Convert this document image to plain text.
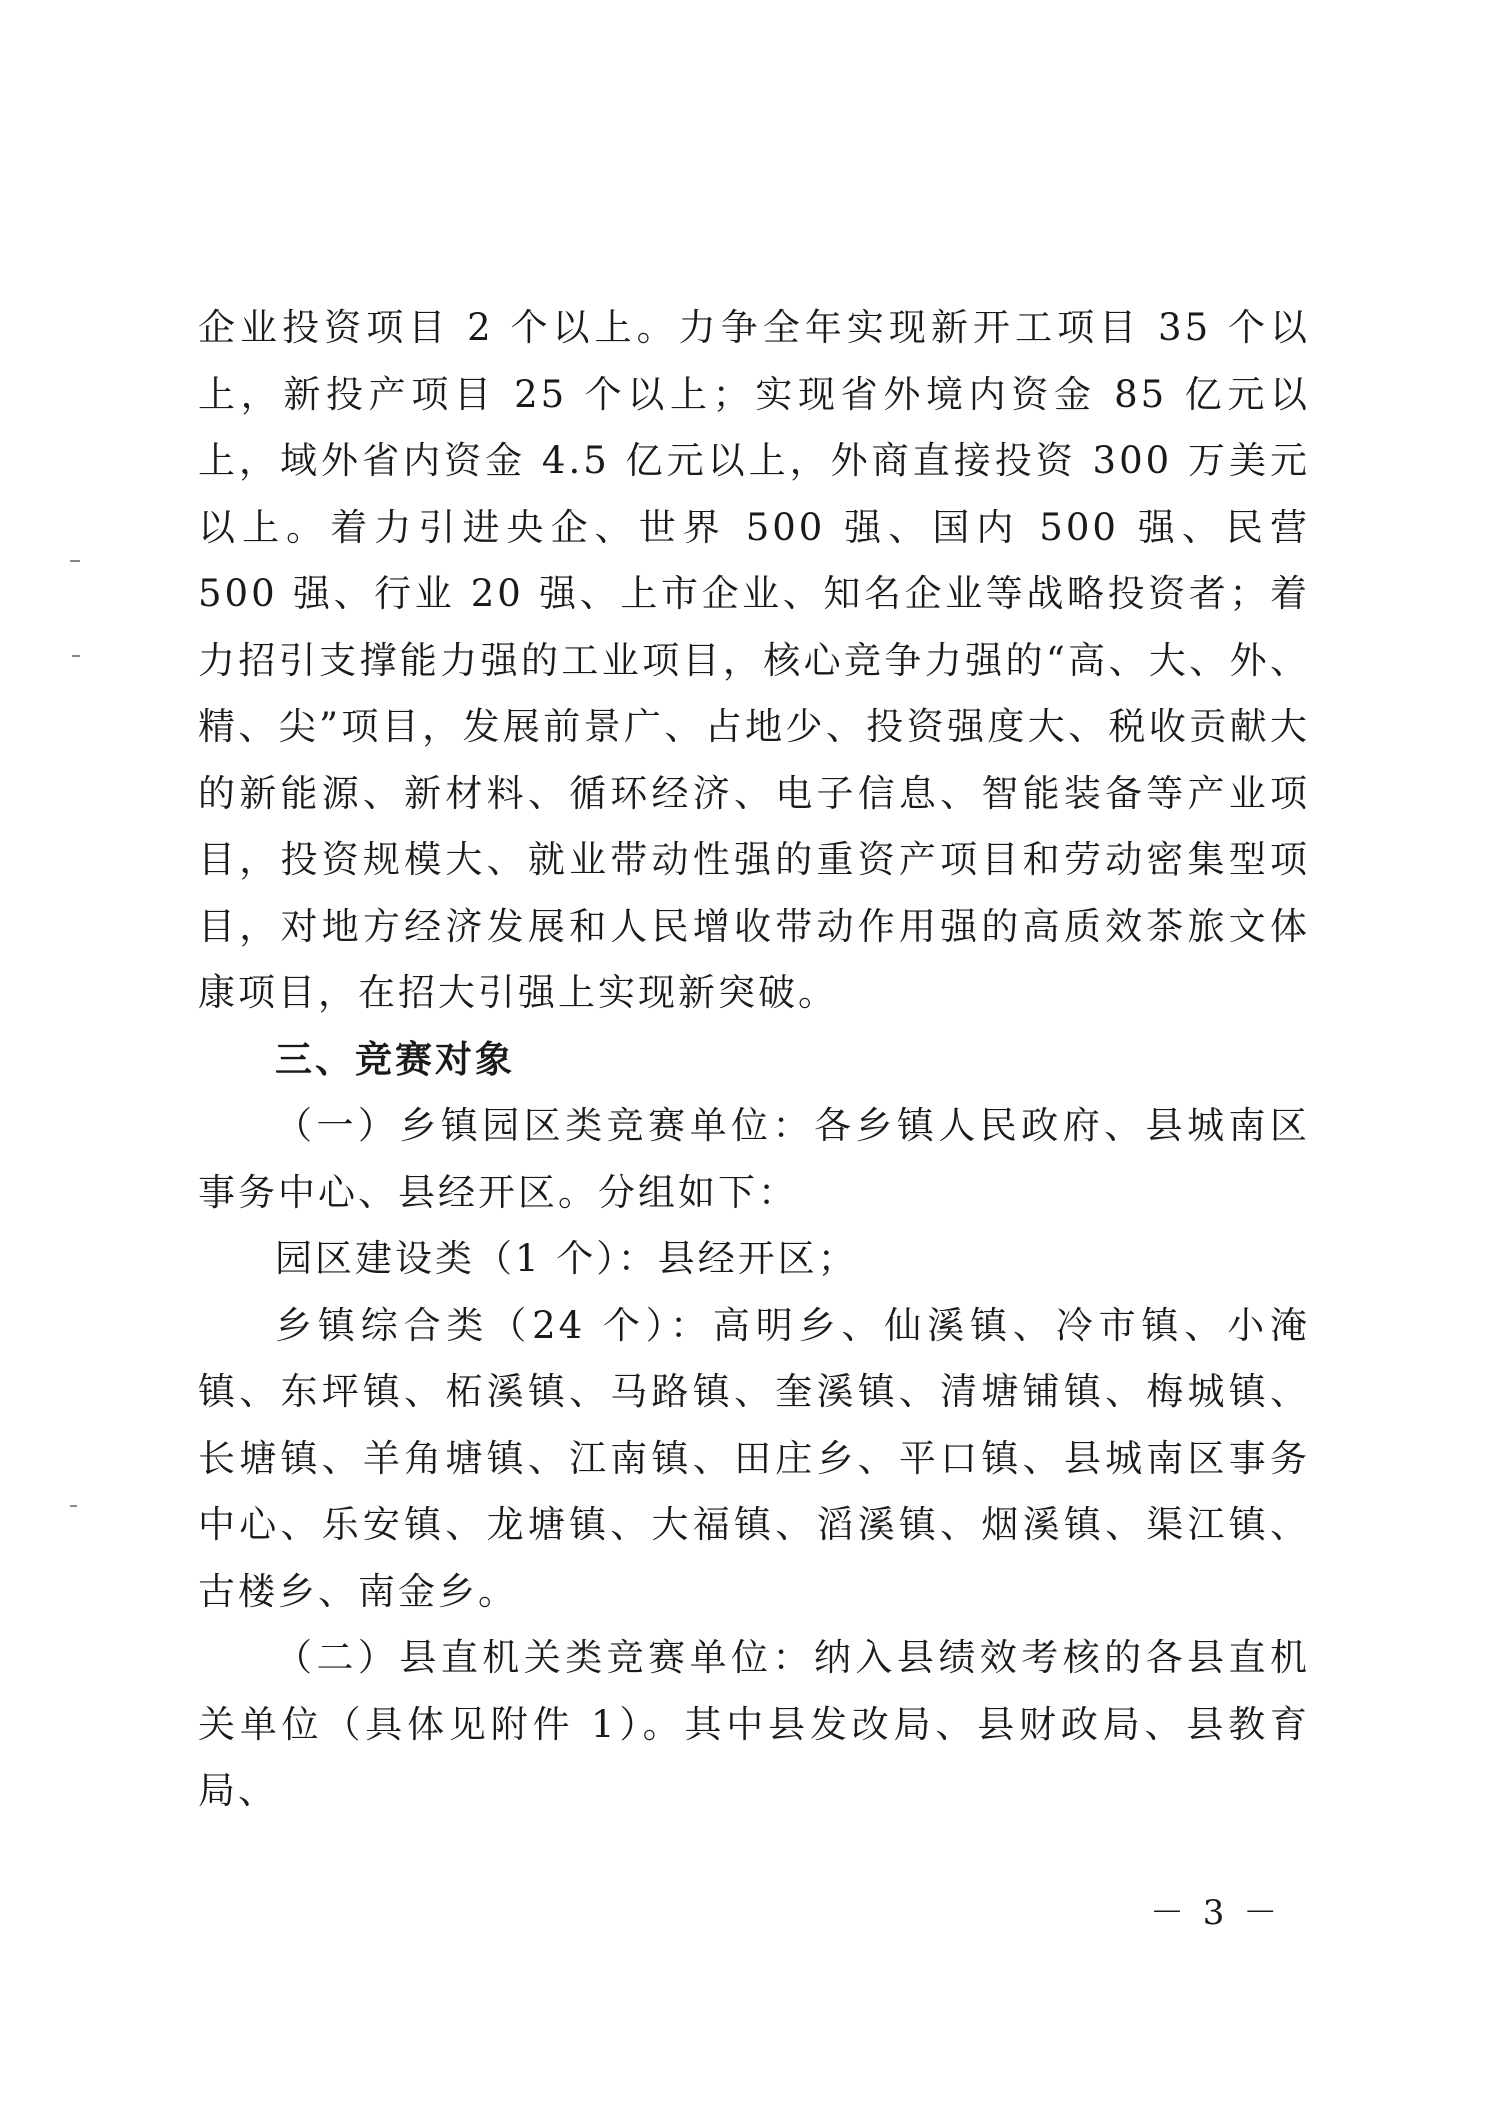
企业投资项目 2 个以上。力争全年实现新开工项目 35 个以上，新投产项目 25 个以上；实现省外境内资金 85 亿元以上，域外省内资金 4.5 亿元以上，外商直接投资 300 万美元以上。着力引进央企、世界 500 强、国内 500 强、民营 500 强、行业 20 强、上市企业、知名企业等战略投资者；着力招引支撑能力强的工业项目，核心竞争力强的“高、大、外、精、尖”项目，发展前景广、占地少、投资强度大、税收贡献大的新能源、新材料、循环经济、电子信息、智能装备等产业项目，投资规模大、就业带动性强的重资产项目和劳动密集型项目，对地方经济发展和人民增收带动作用强的高质效茶旅文体康项目，在招大引强上实现新突破。

三、竞赛对象

（一）乡镇园区类竞赛单位：各乡镇人民政府、县城南区事务中心、县经开区。分组如下：

园区建设类（1 个）：县经开区；

乡镇综合类（24 个）：高明乡、仙溪镇、冷市镇、小淹镇、东坪镇、柘溪镇、马路镇、奎溪镇、清塘铺镇、梅城镇、长塘镇、羊角塘镇、江南镇、田庄乡、平口镇、县城南区事务中心、乐安镇、龙塘镇、大福镇、滔溪镇、烟溪镇、渠江镇、古楼乡、南金乡。

（二）县直机关类竞赛单位：纳入县绩效考核的各县直机关单位（具体见附件 1）。其中县发改局、县财政局、县教育局、

－ 3 －
